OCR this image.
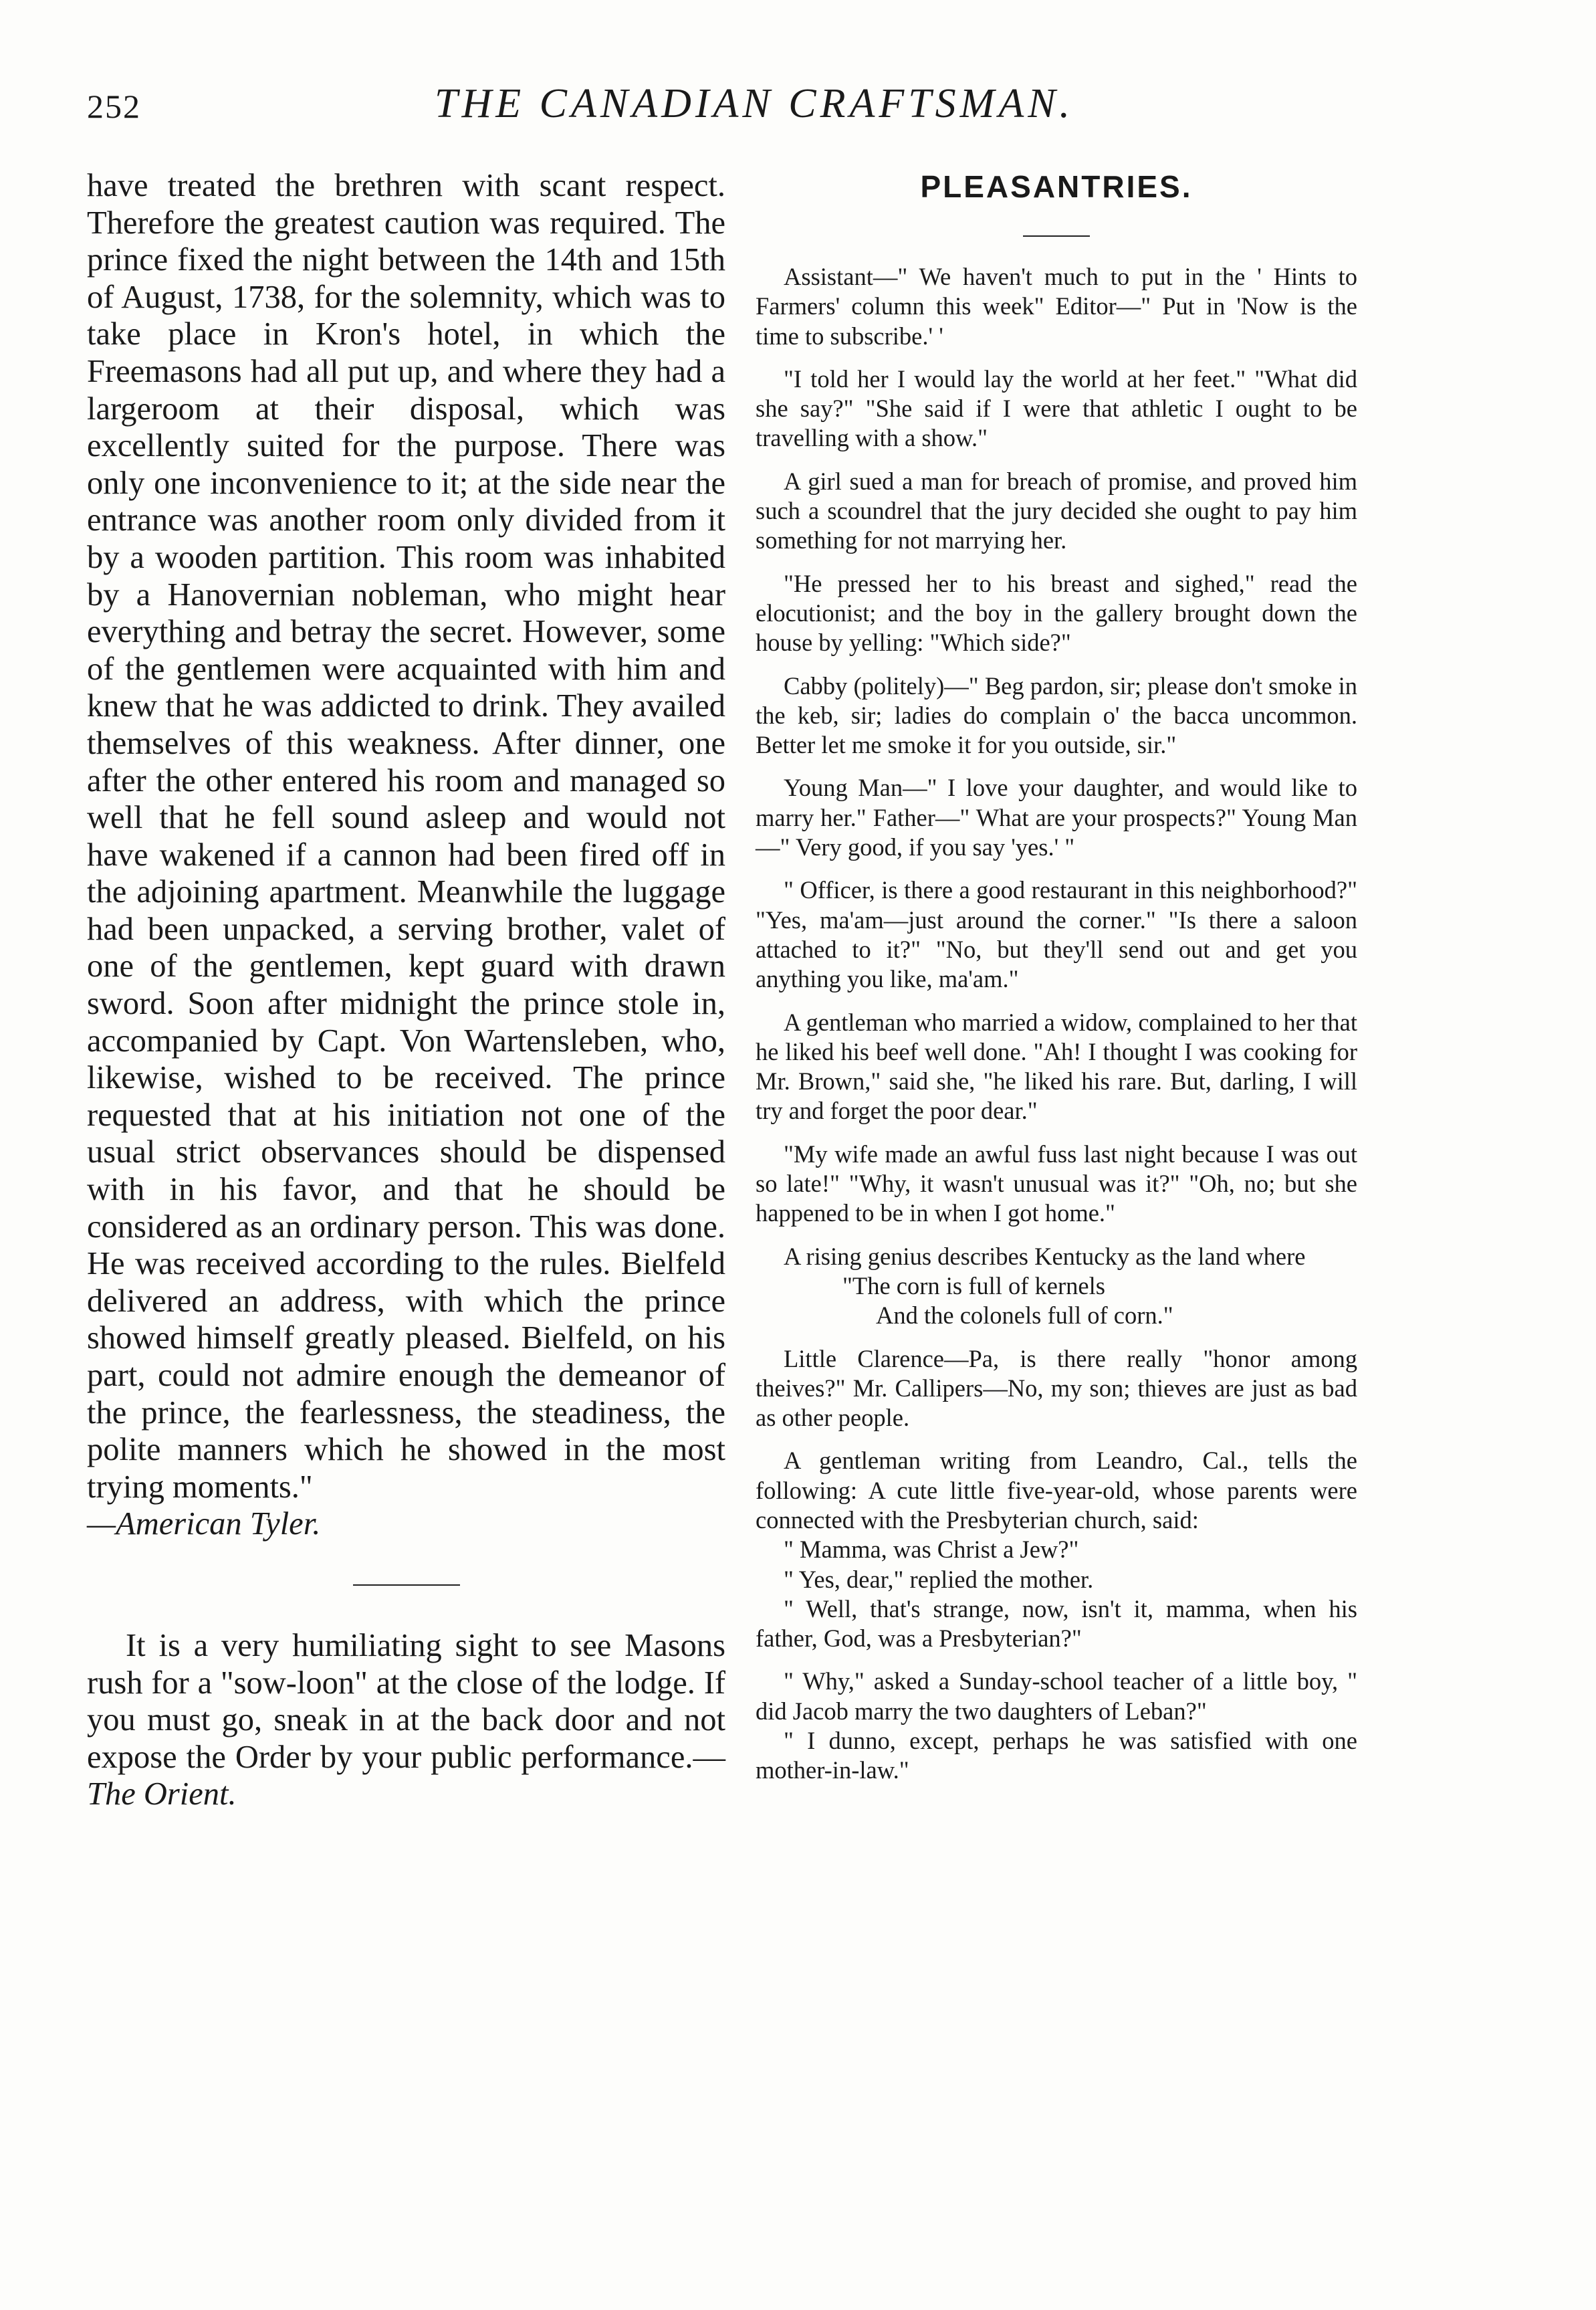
252	THE CANADIAN CRAFTSMAN.

have treated the brethren with scant respect. Therefore the greatest caution was required. The prince fixed the night between the 14th and 15th of August, 1738, for the solemnity, which was to take place in Kron's hotel, in which the Freemasons had all put up, and where they had a largeroom at their disposal, which was excellently suited for the purpose. There was only one inconvenience to it; at the side near the entrance was another room only divided from it by a wooden partition. This room was inhabited by a Hanovernian nobleman, who might hear everything and betray the secret. However, some of the gentlemen were acquainted with him and knew that he was addicted to drink. They availed themselves of this weakness. After dinner, one after the other entered his room and managed so well that he fell sound asleep and would not have wakened if a cannon had been fired off in the adjoining apartment. Meanwhile the luggage had been unpacked, a serving brother, valet of one of the gentlemen, kept guard with drawn sword. Soon after midnight the prince stole in, accompanied by Capt. Von Wartensleben, who, likewise, wished to be received. The prince requested that at his initiation not one of the usual strict observances should be dispensed with in his favor, and that he should be considered as an ordinary person. This was done. He was received according to the rules. Bielfeld delivered an address, with which the prince showed himself greatly pleased. Bielfeld, on his part, could not admire enough the demeanor of the prince, the fearlessness, the steadiness, the polite manners which he showed in the most trying moments."

—American Tyler.

It is a very humiliating sight to see Masons rush for a "sow-loon" at the close of the lodge. If you must go, sneak in at the back door and not expose the Order by your public performance.—The Orient.

PLEASANTRIES.

Assistant—" We haven't much to put in the ' Hints to Farmers' column this week" Editor—" Put in 'Now is the time to subscribe.' '

"I told her I would lay the world at her feet." "What did she say?" "She said if I were that athletic I ought to be travelling with a show."

A girl sued a man for breach of promise, and proved him such a scoundrel that the jury decided she ought to pay him something for not marrying her.

"He pressed her to his breast and sighed," read the elocutionist; and the boy in the gallery brought down the house by yelling: "Which side?"

Cabby (politely)—" Beg pardon, sir; please don't smoke in the keb, sir; ladies do complain o' the bacca uncommon. Better let me smoke it for you outside, sir."

Young Man—" I love your daughter, and would like to marry her." Father—" What are your prospects?" Young Man—" Very good, if you say 'yes.' "

" Officer, is there a good restaurant in this neighborhood?" "Yes, ma'am—just around the corner." "Is there a saloon attached to it?" "No, but they'll send out and get you anything you like, ma'am."

A gentleman who married a widow, complained to her that he liked his beef well done. "Ah! I thought I was cooking for Mr. Brown," said she, "he liked his rare. But, darling, I will try and forget the poor dear."

"My wife made an awful fuss last night because I was out so late!" "Why, it wasn't unusual was it?" "Oh, no; but she happened to be in when I got home."

A rising genius describes Kentucky as the land where

"The corn is full of kernels

And the colonels full of corn."

Little Clarence—Pa, is there really "honor among theives?" Mr. Callipers—No, my son; thieves are just as bad as other people.

A gentleman writing from Leandro, Cal., tells the following: A cute little five-year-old, whose parents were connected with the Presbyterian church, said:

" Mamma, was Christ a Jew?"

" Yes, dear," replied the mother.

" Well, that's strange, now, isn't it, mamma, when his father, God, was a Presbyterian?"

" Why," asked a Sunday-school teacher of a little boy, " did Jacob marry the two daughters of Leban?"

" I dunno, except, perhaps he was satisfied with one mother-in-law."
